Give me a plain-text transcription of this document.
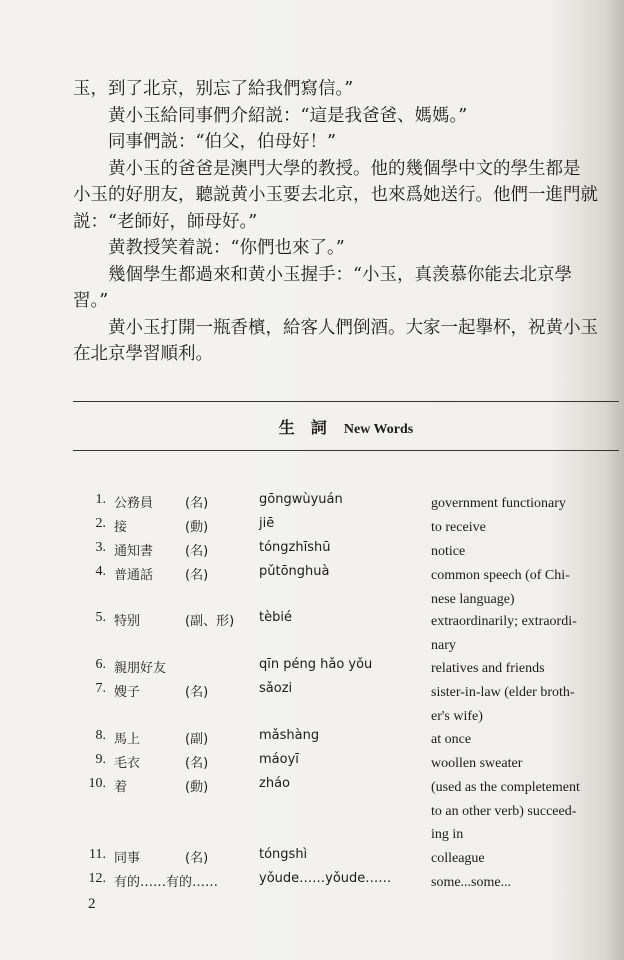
玉，到了北京，别忘了給我們寫信。”

黄小玉給同事們介紹説：“這是我爸爸、媽媽。”

同事們説：“伯父，伯母好！”

黄小玉的爸爸是澳門大學的教授。他的幾個學中文的學生都是

小玉的好朋友，聽説黄小玉要去北京，也來爲她送行。他們一進門就

説：“老師好，師母好。”

黄教授笑着説：“你們也來了。”

幾個學生都過來和黄小玉握手：“小玉，真羡慕你能去北京學

習。”

黄小玉打開一瓶香檳，給客人們倒酒。大家一起擧杯，祝黄小玉

在北京學習順利。

生　詞 New Words
1. 公務員 (名)	gōngwùyuán	government functionary
2. 接	(動)	jiē	to receive
3. 通知書 (名)	tóngzhīshū	notice
4. 普通話 (名)	pǔtōnghuà	common speech (of Chi-
nese language)
5. 特别	(副、形) tèbié	extraordinarily; extraordi-
nary
6. 親朋好友	qīn péng hǎo yǒu	relatives and friends
7. 嫂子	(名)	sǎozi	sister-in-law (elder broth-
er's wife)
8. 馬上	(副)	mǎshàng	at once
9. 毛衣	(名)	máoyī	woollen sweater
10. 着	(動)	zháo	(used as the completement
to an other verb) succeed-
ing in
11. 同事	(名)	tóngshì	colleague
12. 有的……有的……	yǒude……yǒude……	some...some...
2
